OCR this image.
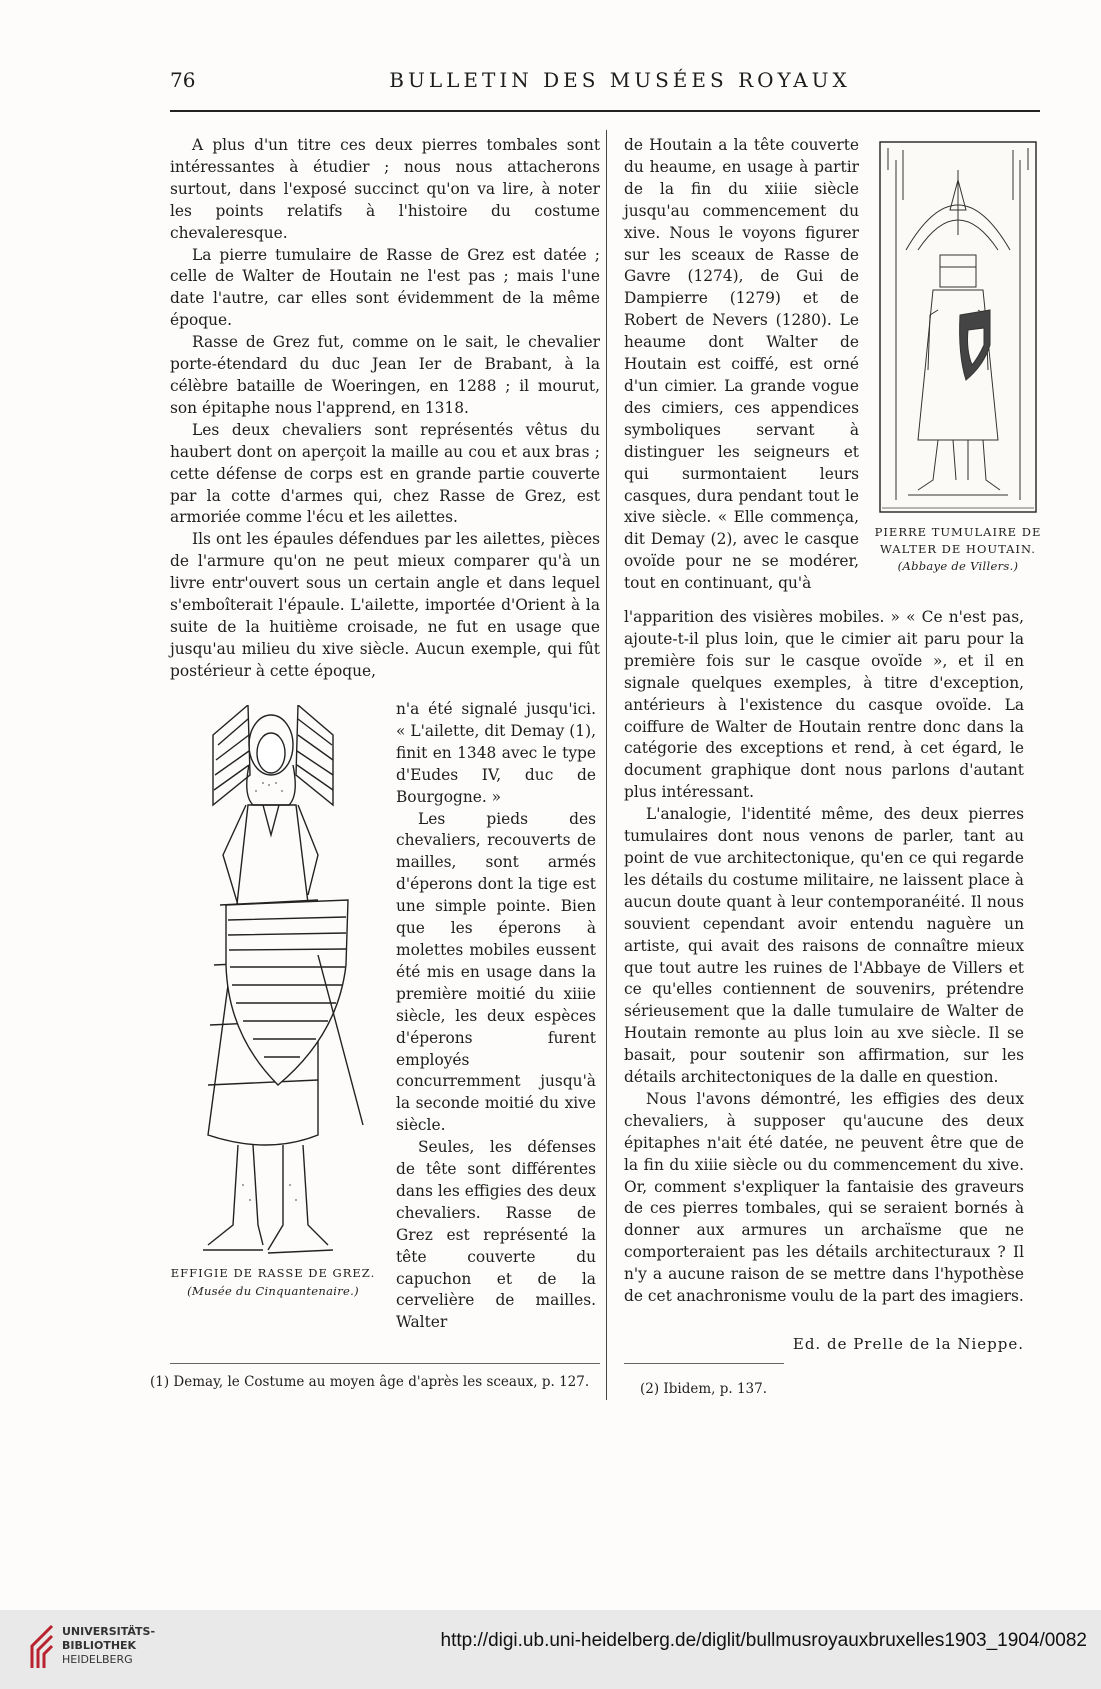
76	BULLETIN DES MUSÉES ROYAUX

A plus d'un titre ces deux pierres tombales sont intéressantes à étudier ; nous nous attacherons surtout, dans l'exposé succinct qu'on va lire, à noter les points relatifs à l'histoire du costume chevaleresque.

La pierre tumulaire de Rasse de Grez est datée ; celle de Walter de Houtain ne l'est pas ; mais l'une date l'autre, car elles sont évidemment de la même époque.

Rasse de Grez fut, comme on le sait, le chevalier porte-étendard du duc Jean Ier de Brabant, à la célèbre bataille de Woeringen, en 1288 ; il mourut, son épitaphe nous l'apprend, en 1318.

Les deux chevaliers sont représentés vêtus du haubert dont on aperçoit la maille au cou et aux bras ; cette défense de corps est en grande partie couverte par la cotte d'armes qui, chez Rasse de Grez, est armoriée comme l'écu et les ailettes.

Ils ont les épaules défendues par les ailettes, pièces de l'armure qu'on ne peut mieux comparer qu'à un livre entr'ouvert sous un certain angle et dans lequel s'emboîterait l'épaule. L'ailette, importée d'Orient à la suite de la huitième croisade, ne fut en usage que jusqu'au milieu du xive siècle. Aucun exemple, qui fût postérieur à cette époque,

n'a été signalé jusqu'ici. « L'ailette, dit Demay (1), finit en 1348 avec le type d'Eudes IV, duc de Bourgogne. »

Les pieds des chevaliers, recouverts de mailles, sont armés d'éperons dont la tige est une simple pointe. Bien que les éperons à molettes mobiles eussent été mis en usage dans la première moitié du xiiie siècle, les deux espèces d'éperons furent employés concurremment jusqu'à la seconde moitié du xive siècle.

Seules, les défenses de tête sont différentes dans les effigies des deux chevaliers. Rasse de Grez est représenté la tête couverte du capuchon et de la cervelière de mailles. Walter

EFFIGIE DE RASSE DE GREZ.
(Musée du Cinquantenaire.)

de Houtain a la tête couverte du heaume, en usage à partir de la fin du xiiie siècle jusqu'au commencement du xive. Nous le voyons figurer sur les sceaux de Rasse de Gavre (1274), de Gui de Dampierre (1279) et de Robert de Nevers (1280). Le heaume dont Walter de Houtain est coiffé, est orné d'un cimier. La grande vogue des cimiers, ces appendices symboliques servant à distinguer les seigneurs et qui surmontaient leurs casques, dura pendant tout le xive siècle. « Elle commença, dit Demay (2), avec le casque ovoïde pour ne se modérer, tout en continuant, qu'à

PIERRE TUMULAIRE DE
WALTER DE HOUTAIN.
(Abbaye de Villers.)

l'apparition des visières mobiles. » « Ce n'est pas, ajoute-t-il plus loin, que le cimier ait paru pour la première fois sur le casque ovoïde », et il en signale quelques exemples, à titre d'exception, antérieurs à l'existence du casque ovoïde. La coiffure de Walter de Houtain rentre donc dans la catégorie des exceptions et rend, à cet égard, le document graphique dont nous parlons d'autant plus intéressant.

L'analogie, l'identité même, des deux pierres tumulaires dont nous venons de parler, tant au point de vue architectonique, qu'en ce qui regarde les détails du costume militaire, ne laissent place à aucun doute quant à leur contemporanéité. Il nous souvient cependant avoir entendu naguère un artiste, qui avait des raisons de connaître mieux que tout autre les ruines de l'Abbaye de Villers et ce qu'elles contiennent de souvenirs, prétendre sérieusement que la dalle tumulaire de Walter de Houtain remonte au plus loin au xve siècle. Il se basait, pour soutenir son affirmation, sur les détails architectoniques de la dalle en question.

Nous l'avons démontré, les effigies des deux chevaliers, à supposer qu'aucune des deux épitaphes n'ait été datée, ne peuvent être que de la fin du xiiie siècle ou du commencement du xive. Or, comment s'expliquer la fantaisie des graveurs de ces pierres tombales, qui se seraient bornés à donner aux armures un archaïsme que ne comporteraient pas les détails architecturaux ? Il n'y a aucune raison de se mettre dans l'hypothèse de cet anachronisme voulu de la part des imagiers.

Ed. de Prelle de la Nieppe.
(1) Demay, le Costume au moyen âge d'après les sceaux, p. 127.	(2) Ibidem, p. 137.
UNIVERSITÄTS-
BIBLIOTHEK
HEIDELBERG
http://digi.ub.uni-heidelberg.de/diglit/bullmusroyauxbruxelles1903_1904/0082
